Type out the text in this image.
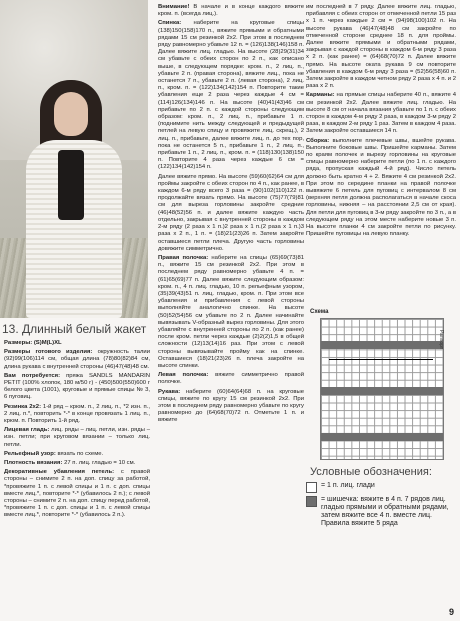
13. Длинный белый жакет

Размеры: (S)M(L)XL

Размеры готового изделия: окружность талии (92)99(106)114 см, общая длина (78)80(82)84 см, длина рукава с внутренней стороны (46)47(48)48 см.

Вам потребуется: пряжа SANDLS MANDARIN PETIT (100% хлопок, 180 м/50 г) - (450)500(550)600 г белого цвета (1001), круговые и прямые спицы № 3, 6 пуговиц.

Резинка 2х2: 1-й ряд – крюм. п., 2 лиц. п., *2 изн. п., 2 лиц. п.*, повторить *-* в конце провязать 1 лиц. п., крюм. п. Повторить 1-й ряд.

Лицевая гладь: лиц. ряды – лиц. петли, изн. ряды – изн. петли; при круговом вязании – только лиц. петли.

Рельефный узор: вязать по схеме.

Плотность вязания: 27 п. лиц. гладью = 10 см.

Декоративные убавления петель: с правой стороны – снимите 2 п. на доп. спицу за работой, *провяжите 1 п. с левой спицы и 1 п. с доп. спицы вместе лиц.*, повторите *-* (убавилось 2 п.); с левой стороны – снимите 2 п. на доп. спицу перед работой, *провяжите 1 п. с доп. спицы и 1 п. с левой спицы вместе лиц.*, повторите *-* (убавилось 2 п.).

Внимание! В начале и в конце каждого вяжите кром. п. (всегда лиц.).

Спинка: наберите на круговые спицы (138)150(158)170 п., вяжите прямыми и обратными рядами 15 см резинкой 2х2. При этом в последнем ряду равномерно убавьте 12 п. = (126)138(146)158 п. Далее вяжите лиц. гладью. На высоте (28)29(31)34 см убавьте с обеих сторон по 2 п., как описано выше, в следующем порядке: кром. п., 2 лиц. п., убавьте 2 п. (правая сторона), вяжите лиц., пока не останется 7 п., убавьте 2 п. (левая сторона), 2 лиц. п., кром. п. = (122)134(142)154 п. Повторите такие убавления еще 2 раза через каждые 4 см = (114)126(134)146 п. На высоте (40)41(43)46 см прибавьте по 2 п. с каждой стороны следующим образом: кром. п., 2 лиц. п., прибавьте 1 п. (поднимите нить между следующей и предыдущей петлей на левую спицу и провяжите лиц. скрещ.), 2 лиц. п., прибавьте, далее вяжите лиц. п. до тех пор, пока не останется 5 п., прибавьте 1 п., 2 лиц. п., прибавьте 1 п., 2 лиц. п., кром. п. = (118)130(138)150 п. Повторите 4 раза через каждые 6 см = (122)134(142)154 п.

Далее вяжите прямо. На высоте (59)60(62)64 см для проймы закройте с обеих сторон по 4 п., как ранее, в каждом 6-м ряду всего 3 раза = (90)102(110)122 п. продолжайте вязать прямо. На высоте (75)77(79)81 см для выреза горловины закройте средние (46)48(52)56 п. и далее вяжите каждую часть отдельно, закрывая с внутренней стороны в каждом 2-м ряду (2 раза х 1 п.)2 раза х 1 п.(2 раза х 1 п.)3 раза х 2 п., 1 п. = (18)21(23)26 п. Затем закройте оставшиеся петли плеча. Другую часть горловины довяжите симметрично.

Правая полочка: наберите на спицы (65)69(73)81 п., вяжите 15 см резинкой 2х2. При этом в последнем ряду равномерно убавьте 4 п. = (61)65(69)77 п. Далее вяжите следующим образом: кром. п., 4 п. лиц. гладью, 10 п. рельефным узором, (35)39(43)51 п. лиц. гладью, кром. п. При этом все убавления и прибавления с левой стороны выполняйте аналогично спинке. На высоте (50)52(54)56 см убавьте по 2 п. Далее начинайте вывязывать V-образный вырез горловины. Для этого убавляйте с внутренней стороны по 2 п. (как ранее) после кром. петли через каждые (2)2(2)1,5 в общей сложности (12)13(14)16 раз. При этом с левой стороны вывязывайте пройму как на спинке. Оставшиеся (18)21(23)26 п. плеча закройте на высоте спинки.

Левая полочка: вяжите симметрично правой полочке.

Рукава: наберите (60)64(64)68 п. на круговые спицы, вяжите по кругу 15 см резинкой 2х2. При этом в последнем ряду равномерно убавьте по кругу равномерно до (64)68(70)72 п. Отметьте 1 п. и вяжите

им последней в 7 ряду. Далее вяжите лиц. гладью, прибавляя с обеих сторон от отмеченной петли 15 раз х 1 п. через каждые 2 см = (94)98(100)102 п. На высоте рукава (46)47(48)48 см закройте по отмеченной стороне среднее 18 п. для проймы. Далее вяжите прямыми и обратными рядами, закрывая с каждой стороны в каждом 6-м ряду 3 раза х 2 п. (как ранее) = (64)68(70)72 п. Далее вяжите прямо. На высоте оката рукава 9 см повторите убавления в каждом 6-м ряду 3 раза = (52)56(58)60 п. Затем закройте в каждом четном ряду 2 раза х 4 п. и 2 раза х 2 п.

Карманы: на прямые спицы наберите 40 п., вяжите 4 см резинкой 2х2. Далее вяжите лиц. гладью. На высоте 8 см от начала вязания убавьте по 1 п. с обеих сторон в каждом 4-м ряду 2 раза, в каждом 3-м ряду 2 раза, в каждом 2-м ряду 1 раз. Затем в каждом 4 раза. Затем закройте оставшиеся 14 п.

Сборка: выполните плечевые швы, вшейте рукава. Выполните боковые швы. Пришейте карманы. Затем по краям полочек и вырезу горловины на круговые спицы равномерно наберите петли (по 1 п. с каждого ряда, пропуская каждый 4-й ряд). Число петель должно быть кратно 4 + 2. Вяжите 4 см резинкой 2х2. При этом по середине планки на правой полочке вывяжите 6 петель для пуговиц с интервалом 8 см (верхняя петля должна располагаться в начале скоса горловины, нижняя – на расстоянии 2,5 см от края). Для петли для пуговиц в 3-м ряду закройте по 3 п., а в следующем ряду на этом месте наберите новые 3 п. На высоте планки 4 см закройте петли по рисунку. Пришейте пуговицы на левую планку.

Схема
Раппорт
Условные обозначения:
= 1 п. лиц. глади
= шишечка: вяжите в 4 п. 7 рядов лиц. гладью прямыми и обратными рядами, затем вяжите все 4 п. вместе лиц. Правила вяжите 5 ряда
9
